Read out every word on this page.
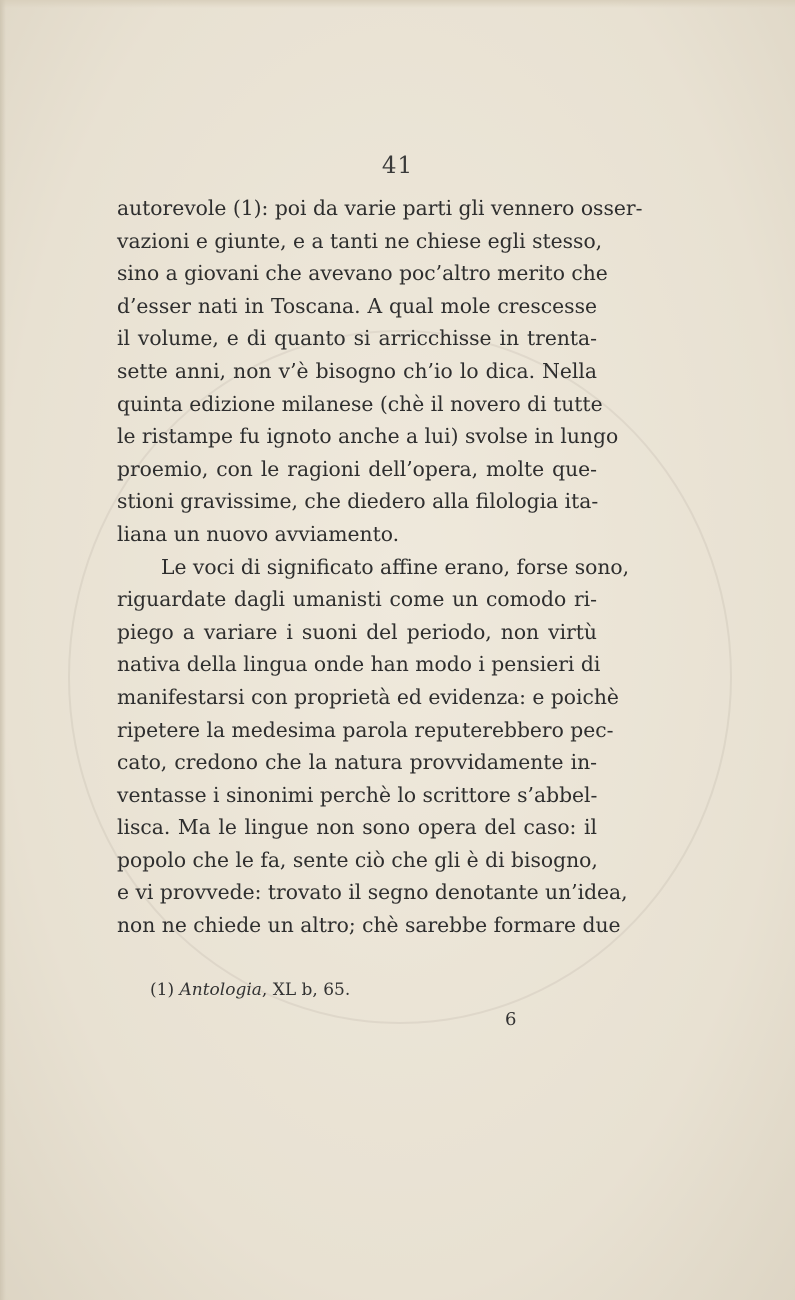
41
autorevole (1): poi da varie parti gli vennero osser-
vazioni e giunte, e a tanti ne chiese egli stesso,
sino a giovani che avevano poc’altro merito che
d’esser nati in Toscana. A qual mole crescesse
il volume, e di quanto si arricchisse in trenta-
sette anni, non v’è bisogno ch’io lo dica. Nella
quinta edizione milanese (chè il novero di tutte
le ristampe fu ignoto anche a lui) svolse in lungo
proemio, con le ragioni dell’opera, molte que-
stioni gravissime, che diedero alla filologia ita-
liana un nuovo avviamento.
Le voci di significato affine erano, forse sono,
riguardate dagli umanisti come un comodo ri-
piego a variare i suoni del periodo, non virtù
nativa della lingua onde han modo i pensieri di
manifestarsi con proprietà ed evidenza: e poichè
ripetere la medesima parola reputerebbero pec-
cato, credono che la natura provvidamente in-
ventasse i sinonimi perchè lo scrittore s’abbel-
lisca. Ma le lingue non sono opera del caso: il
popolo che le fa, sente ciò che gli è di bisogno,
e vi provvede: trovato il segno denotante un’idea,
non ne chiede un altro; chè sarebbe formare due
(1) Antologia, XL b, 65.
6
